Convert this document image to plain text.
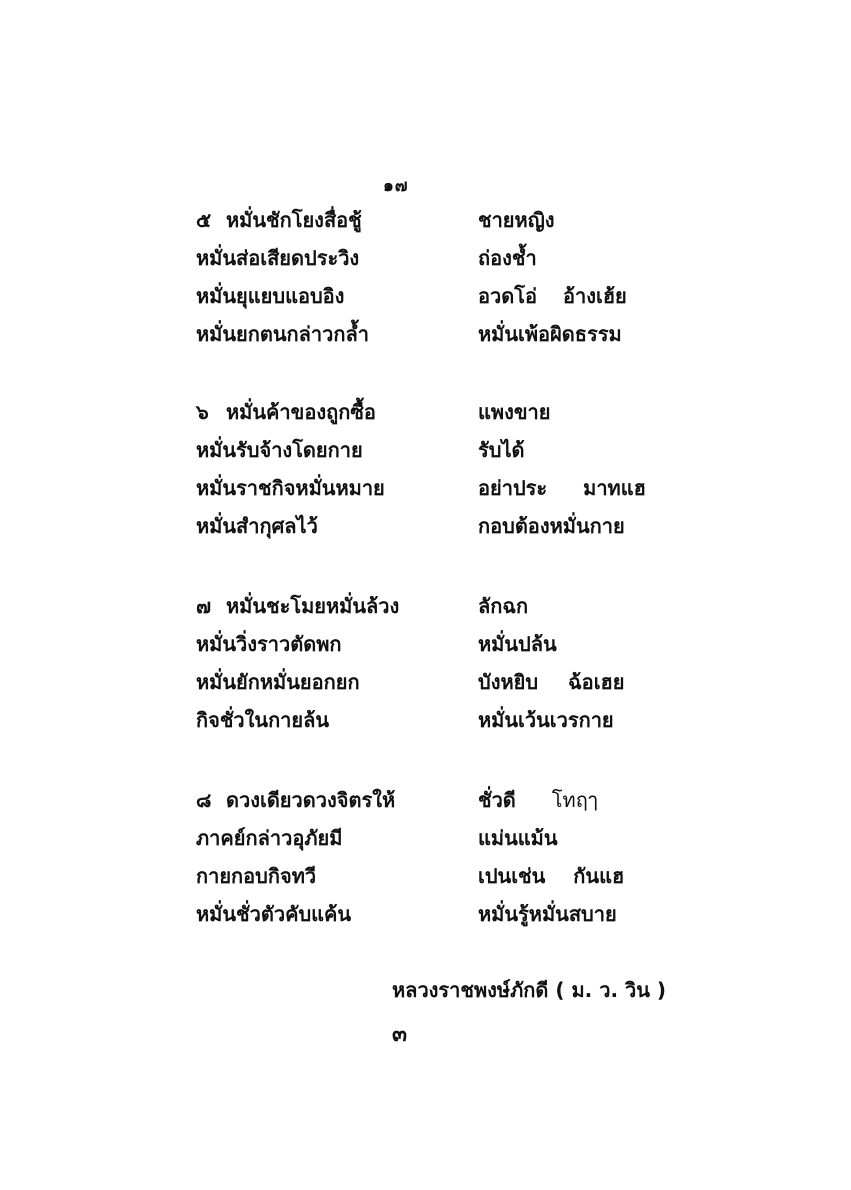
๑๗
๕ หมั่นชักโยงสื่อชู้	ชายหญิง
หมั่นส่อเสียดประวิง	ถ่องช้ำ
หมั่นยุแยบแอบอิง	อวดโอ่ อ้างเฮ้ย
หมั่นยกตนกล่าวกล้ำ	หมั่นเพ้อผิดธรรม
๖ หมั่นค้าของถูกซื้อ	แพงขาย
หมั่นรับจ้างโดยกาย	รับได้
หมั่นราชกิจหมั่นหมาย	อย่าประ มาทแฮ
หมั่นสำกุศลไว้	กอบต้องหมั่นกาย
๗ หมั่นชะโมยหมั่นล้วง	ลักฉก
หมั่นวิ่งราวตัดพก	หมั่นปล้น
หมั่นยักหมั่นยอกยก	บังหยิบ ฉ้อเฮย
กิจชั่วในกายล้น	หมั่นเว้นเวรกาย
๘ ดวงเดียวดวงจิตรให้	ชั่วดี โทฤๅ
ภาคย์กล่าวอุภัยมี	แม่นแม้น
กายกอบกิจทวี	เปนเช่น กันแฮ
หมั่นชั่วตัวคับแค้น	หมั่นรู้หมั่นสบาย
หลวงราชพงษ์ภักดี ( ม. ว. วิน )
๓
